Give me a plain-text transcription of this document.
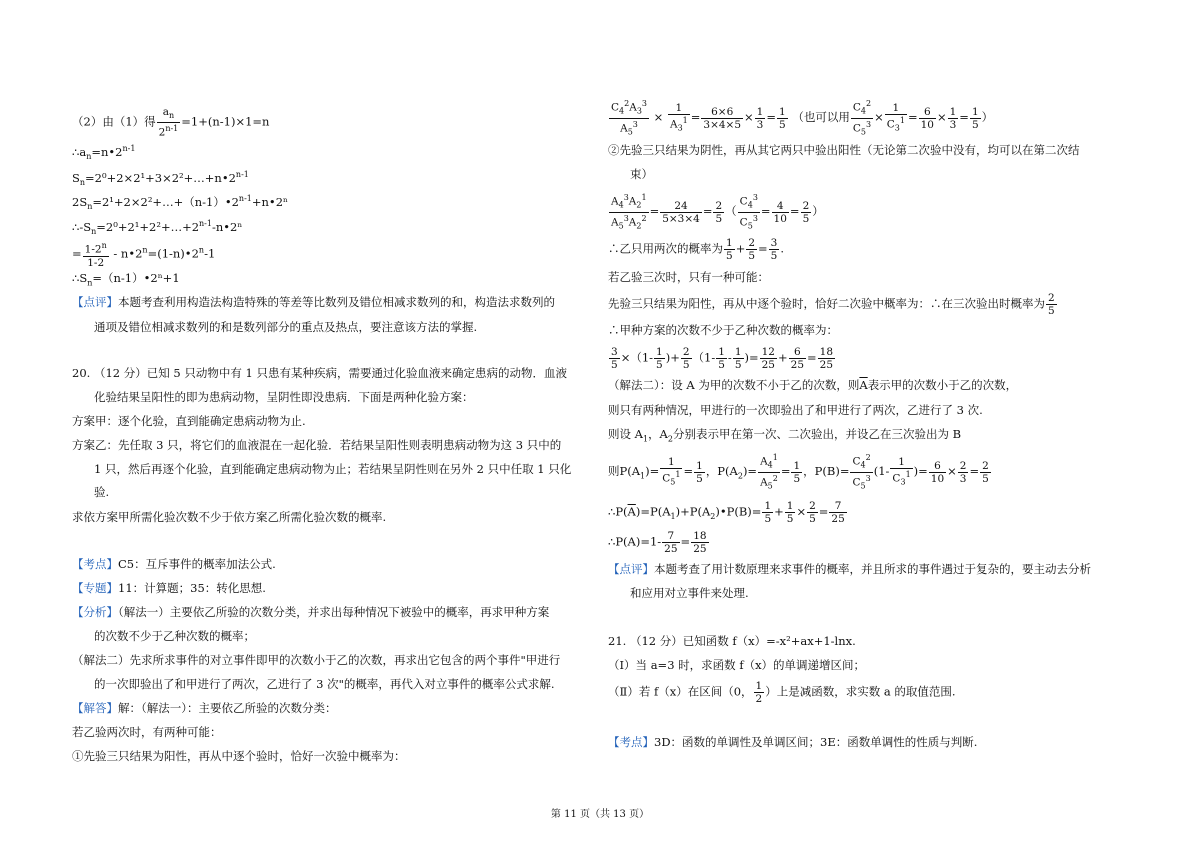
（2）由（1）得 $\frac{a_n}{2^{n-1}} =1+(n-1)\times 1=n$
$\therefore a_n=n•2^{n-1}$
$S_n=2^0+2\times 2^1+3\times 2^2+\dots+n•2^{n-1}$
$2S_n=2^1+2\times 2^2+\dots+(n-1)•2^{n-1}+n•2^n$
$\therefore-S_n=2^0+2^1+2^2+\dots+2^{n-1}-n•2^n$
= $\frac{1-2^n}{1-2}$ - $n•2^n=(1-n)•2^n-1$
$\therefore S_n=(n-1)•2^n+1$
【点评】本题考查利用构造法构造特殊的等差等比数列及错位相减求数列的和，构造法求数列的
通项及错位相减求数列的和是数列部分的重点及热点，要注意该方法的掌握.
20. （12 分）已知 5 只动物中有 1 只患有某种疾病，需要通过化验血液来确定患病的动物．血液
化验结果呈阳性的即为患病动物，呈阴性即没患病．下面是两种化验方案：
方案甲：逐个化验，直到能确定患病动物为止.
方案乙：先任取 3 只，将它们的血液混在一起化验．若结果呈阳性则表明患病动物为这 3 只中的
1 只，然后再逐个化验，直到能确定患病动物为止；若结果呈阴性则在另外 2 只中任取 1 只化
验.
求依方案甲所需化验次数不少于依方案乙所需化验次数的概率.
【考点】C5：互斥事件的概率加法公式.
【专题】11：计算题；35：转化思想.
【分析】（解法一）主要依乙所验的次数分类，并求出每种情况下被验中的概率，再求甲种方案
的次数不少于乙种次数的概率；
（解法二）先求所求事件的对立事件即甲的次数小于乙的次数，再求出它包含的两个事件"甲进行
的一次即验出了和甲进行了两次，乙进行了 3 次"的概率，再代入对立事件的概率公式求解.
【解答】解：（解法一）：主要依乙所验的次数分类：
若乙验两次时，有两种可能：
①先验三只结果为阳性，再从中逐个验时，恰好一次验中概率为：
$\frac{C_4^2A_3^3}{A_5^3} \times \frac{1}{A_3^1} = \frac{6\times 6}{3\times 4\times 5} \times \frac{1}{3} = \frac{1}{5}$ （也可以用 $\frac{C_4^2}{C_5^3} \times \frac{1}{C_3^1} = \frac{6}{10} \times \frac{1}{3} = \frac{1}{5}$ ）
②先验三只结果为阴性，再从其它两只中验出阳性（无论第二次验中没有，均可以在第二次结
束）
$\frac{A_4^3A_2^1}{A_5^3A_2^2} = \frac{24}{5\times 3\times 4} = \frac{2}{5}$ （ $\frac{C_4^3}{C_5^3} = \frac{4}{10} = \frac{2}{5}$ ）
∴乙只用两次的概率为 $\frac{1}{5} + \frac{2}{5} = \frac{3}{5}$ .
若乙验三次时，只有一种可能：
先验三只结果为阳性，再从中逐个验时，恰好二次验中概率为：∴在三次验出时概率为 $\frac{2}{5}$
∴甲种方案的次数不少于乙种次数的概率为：
$\frac{3}{5} \times(1- \frac{1}{5}$ )+ $\frac{2}{5} (1- \frac{1}{5} - \frac{1}{5}$ )= $\frac{12}{25} + \frac{6}{25} = \frac{18}{25}$
（解法二）：设 A 为甲的次数不小于乙的次数，则$\overline{A}$表示甲的次数小于乙的次数，
则只有两种情况，甲进行的一次即验出了和甲进行了两次，乙进行了 3 次.
则设 $A_1$，$A_2$分别表示甲在第一次、二次验出，并设乙在三次验出为 B
则$P(A_1)= \frac{1}{C_5^1} = \frac{1}{5}$ ，$P(A_2)= \frac{A_4^1}{A_5^2} = \frac{1}{5}$ ，$P(B)= \frac{C_4^2}{C_5^3} (1- \frac{1}{C_3^1}$ )= $\frac{6}{10} \times \frac{2}{3} = \frac{2}{5}$
$\therefore P(\overline{A})=P(A_1)+P(A_2)•P(B)= \frac{1}{5} + \frac{1}{5} \times \frac{2}{5} = \frac{7}{25}$
∴P(A)=1- $\frac{7}{25} = \frac{18}{25}$
【点评】本题考查了用计数原理来求事件的概率，并且所求的事件遇过于复杂的，要主动去分析
和应用对立事件来处理.
21. （12 分）已知函数 f（x）=-x²+ax+1-lnx.
（Ⅰ）当 a=3 时，求函数 f（x）的单调递增区间；
（Ⅱ）若 f（x）在区间（0， $\frac{1}{2}$ ）上是减函数，求实数 a 的取值范围.
【考点】3D：函数的单调性及单调区间；3E：函数单调性的性质与判断.
第 11 页（共 13 页）
